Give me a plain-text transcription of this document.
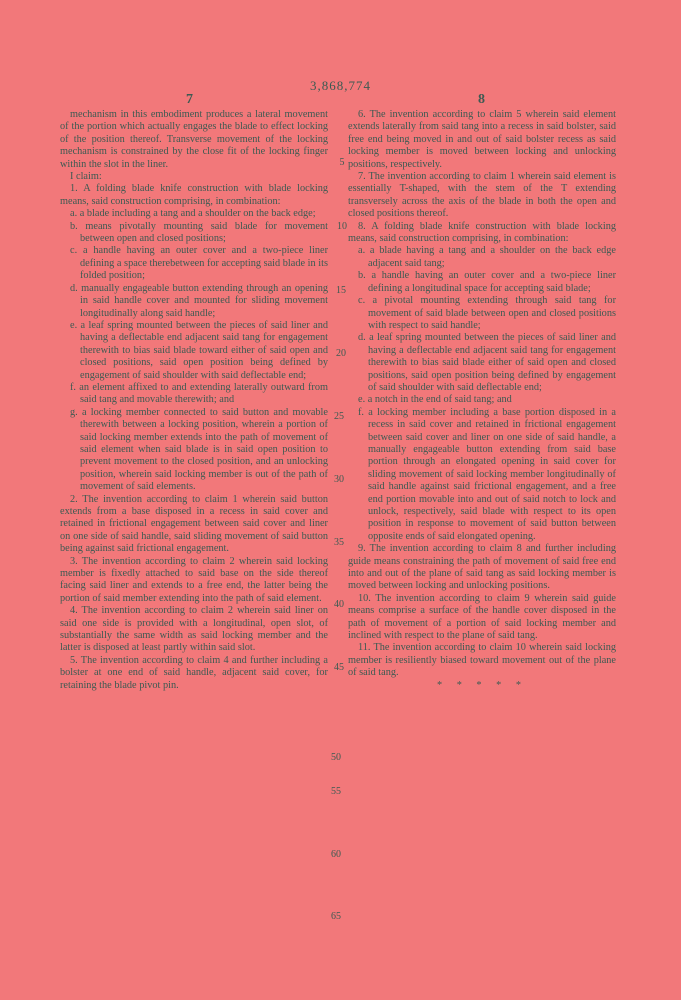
3,868,774
7	8

mechanism in this embodiment produces a lateral movement of the portion which actually engages the blade to effect locking of the position thereof. Transverse movement of the locking mechanism is constrained by the close fit of the locking finger within the slot in the liner.

I claim:

1. A folding blade knife construction with blade locking means, said construction comprising, in combination:

a. a blade including a tang and a shoulder on the back edge;

b. means pivotally mounting said blade for movement between open and closed positions;

c. a handle having an outer cover and a two-piece liner defining a space therebetween for accepting said blade in its folded position;

d. manually engageable button extending through an opening in said handle cover and mounted for sliding movement longitudinally along said handle;

e. a leaf spring mounted between the pieces of said liner and having a deflectable end adjacent said tang for engagement therewith to bias said blade toward either of said open and closed positions, said open position being defined by engagement of said shoulder with said deflectable end;

f. an element affixed to and extending laterally outward from said tang and movable therewith; and

g. a locking member connected to said button and movable therewith between a locking position, wherein a portion of said locking member extends into the path of movement of said element when said blade is in said open position to prevent movement to the closed position, and an unlocking position, wherein said locking member is out of the path of movement of said elements.

2. The invention according to claim 1 wherein said button extends from a base disposed in a recess in said cover and retained in frictional engagement between said cover and liner on one side of said handle, said sliding movement of said button being against said frictional engagement.

3. The invention according to claim 2 wherein said locking member is fixedly attached to said base on the side thereof facing said liner and extends to a free end, the latter being the portion of said member extending into the path of said element.

4. The invention according to claim 2 wherein said liner on said one side is provided with a longitudinal, open slot, of substantially the same width as said locking member and the latter is disposed at least partly within said slot.

5. The invention according to claim 4 and further including a bolster at one end of said handle, adjacent said cover, for retaining the blade pivot pin.

6. The invention according to claim 5 wherein said element extends laterally from said tang into a recess in said bolster, said free end being moved in and out of said bolster recess as said locking member is moved between locking and unlocking positions, respectively.

7. The invention according to claim 1 wherein said element is essentially T-shaped, with the stem of the T extending transversely across the axis of the blade in both the open and closed positions thereof.

8. A folding blade knife construction with blade locking means, said construction comprising, in combination:

a. a blade having a tang and a shoulder on the back edge adjacent said tang;

b. a handle having an outer cover and a two-piece liner defining a longitudinal space for accepting said blade;

c. a pivotal mounting extending through said tang for movement of said blade between open and closed positions with respect to said handle;

d. a leaf spring mounted between the pieces of said liner and having a deflectable end adjacent said tang for engagement therewith to bias said blade either of said open and closed positions, said open position being defined by engagement of said shoulder with said deflectable end;

e. a notch in the end of said tang; and

f. a locking member including a base portion disposed in a recess in said cover and retained in frictional engagement between said cover and liner on one side of said handle, a manually engageable button extending from said base portion through an elongated opening in said cover for sliding movement of said locking member longitudinally of said handle against said frictional engagement, and a free end portion movable into and out of said notch to lock and unlock, respectively, said blade with respect to its open position in response to movement of said button between opposite ends of said elongated opening.

9. The invention according to claim 8 and further including guide means constraining the path of movement of said free end into and out of the plane of said tang as said locking member is moved between locking and unlocking positions.

10. The invention according to claim 9 wherein said guide means comprise a surface of the handle cover disposed in the path of movement of a portion of said locking member and inclined with respect to the plane of said tang.

11. The invention according to claim 10 wherein said locking member is resiliently biased toward movement out of the plane of said tang.

* * * * *

5
10
15
20
25
30
35
40
45
50
55
60
65
